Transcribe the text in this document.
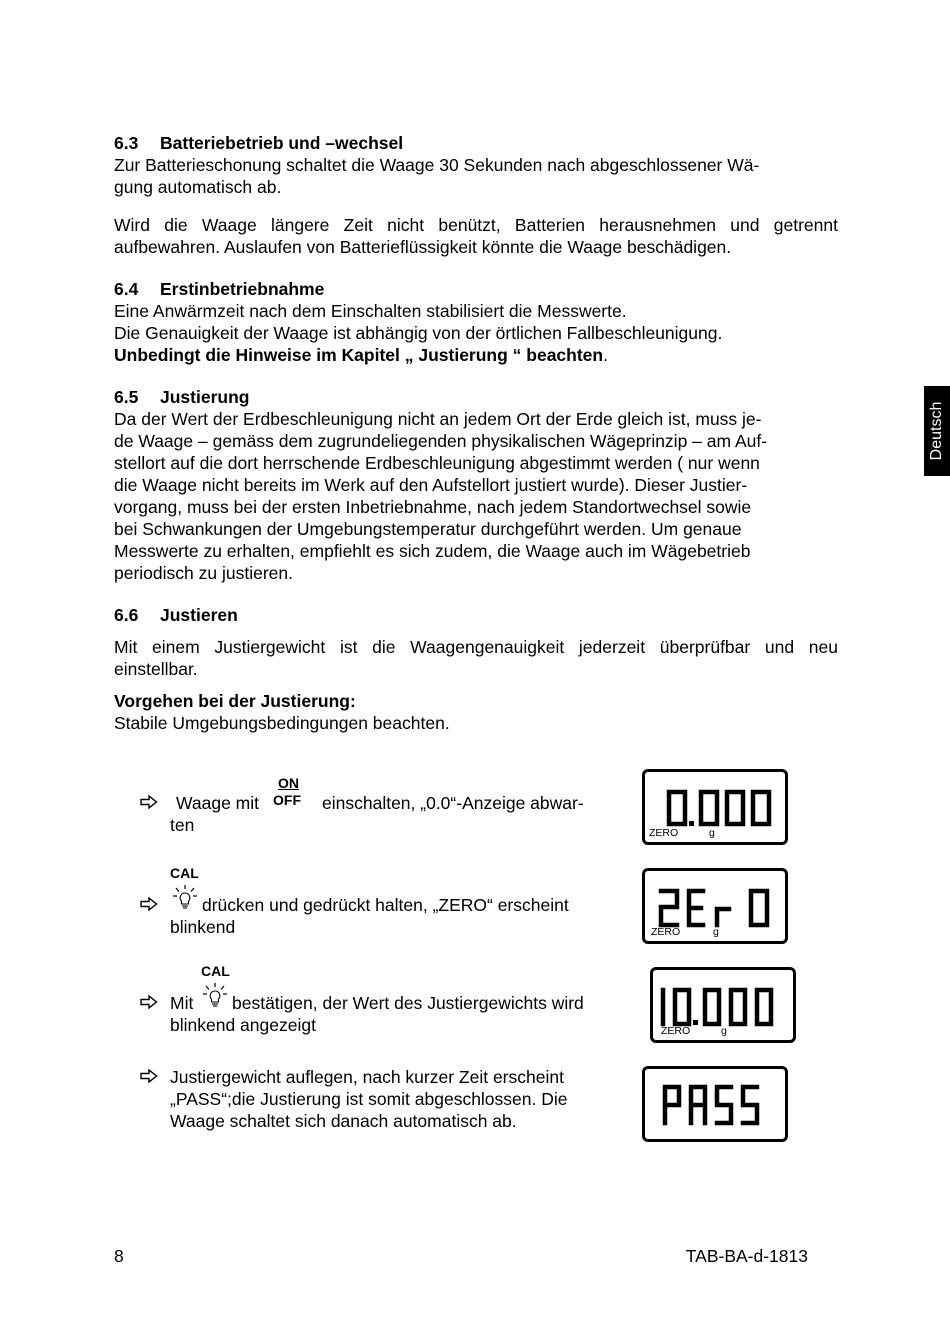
Deutsch
6.3 Batteriebetrieb und –wechsel

Zur Batterieschonung schaltet die Waage 30 Sekunden nach abgeschlossener Wä-

gung automatisch ab.

Wird die Waage längere Zeit nicht benützt, Batterien herausnehmen und getrennt

aufbewahren. Auslaufen von Batterieflüssigkeit könnte die Waage beschädigen.

6.4 Erstinbetriebnahme

Eine Anwärmzeit nach dem Einschalten stabilisiert die Messwerte.

Die Genauigkeit der Waage ist abhängig von der örtlichen Fallbeschleunigung.

Unbedingt die Hinweise im Kapitel „ Justierung “ beachten.

6.5 Justierung

Da der Wert der Erdbeschleunigung nicht an jedem Ort der Erde gleich ist, muss je-

de Waage – gemäss dem zugrundeliegenden physikalischen Wägeprinzip – am Auf-

stellort auf die dort herrschende Erdbeschleunigung abgestimmt werden ( nur wenn

die Waage nicht bereits im Werk auf den Aufstellort justiert wurde). Dieser Justier-

vorgang, muss bei der ersten Inbetriebnahme, nach jedem Standortwechsel sowie

bei Schwankungen der Umgebungstemperatur durchgeführt werden. Um genaue

Messwerte zu erhalten, empfiehlt es sich zudem, die Waage auch im Wägebetrieb

periodisch zu justieren.

6.6 Justieren

Mit einem Justiergewicht ist die Waagengenauigkeit jederzeit überprüfbar und neu

einstellbar.

Vorgehen bei der Justierung:

Stabile Umgebungsbedingungen beachten.

Waage mit
ON
OFF einschalten, „0.0“-Anzeige abwar-
ten
CAL
drücken und gedrückt halten, „ZERO“ erscheint
blinkend
Mit
CAL
bestätigen, der Wert des Justiergewichts wird
blinkend angezeigt
Justiergewicht auflegen, nach kurzer Zeit erscheint
„PASS“;die Justierung ist somit abgeschlossen. Die
Waage schaltet sich danach automatisch ab.
ZERO	g
ZERO	g
ZERO	g
8	TAB-BA-d-1813
